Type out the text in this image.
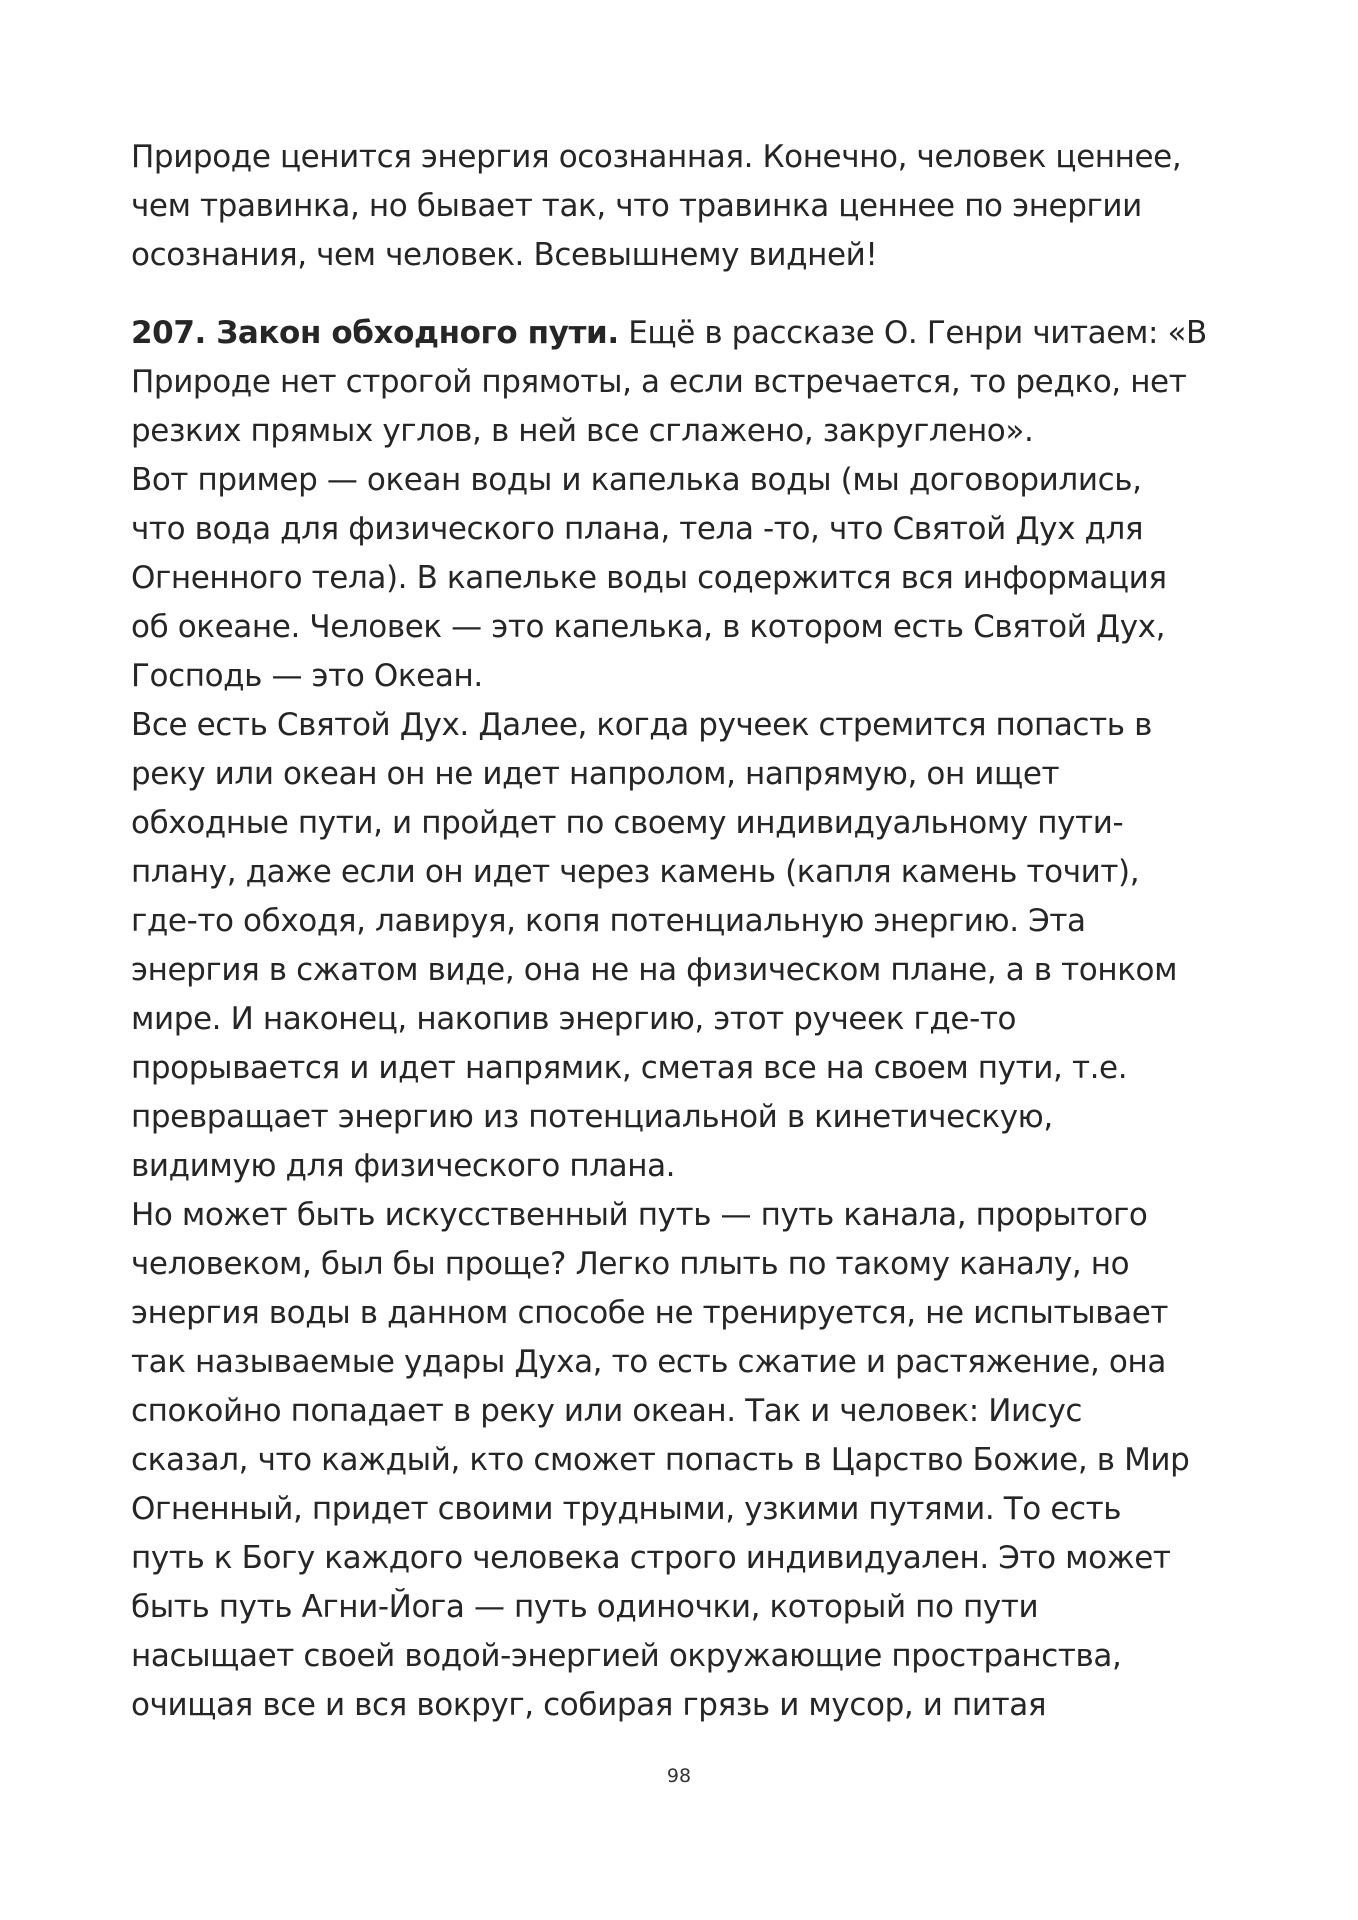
Природе ценится энергия осознанная. Конечно, человек ценнее,
чем травинка, но бывает так, что травинка ценнее по энергии
осознания, чем человек. Всевышнему видней!
207. Закон обходного пути. Ещё в рассказе О. Генри читаем: «В
Природе нет строгой прямоты, а если встречается, то редко, нет
резких прямых углов, в ней все сглажено, закруглено».
Вот пример — океан воды и капелька воды (мы договорились,
что вода для физического плана, тела -то, что Святой Дух для
Огненного тела). В капельке воды содержится вся информация
об океане. Человек — это капелька, в котором есть Святой Дух,
Господь — это Океан.
Все есть Святой Дух. Далее, когда ручеек стремится попасть в
реку или океан он не идет напролом, напрямую, он ищет
обходные пути, и пройдет по своему индивидуальному пути-
плану, даже если он идет через камень (капля камень точит),
где-то обходя, лавируя, копя потенциальную энергию. Эта
энергия в сжатом виде, она не на физическом плане, а в тонком
мире. И наконец, накопив энергию, этот ручеек где-то
прорывается и идет напрямик, сметая все на своем пути, т.е.
превращает энергию из потенциальной в кинетическую,
видимую для физического плана.
Но может быть искусственный путь — путь канала, прорытого
человеком, был бы проще? Легко плыть по такому каналу, но
энергия воды в данном способе не тренируется, не испытывает
так называемые удары Духа, то есть сжатие и растяжение, она
спокойно попадает в реку или океан. Так и человек: Иисус
сказал, что каждый, кто сможет попасть в Царство Божие, в Мир
Огненный, придет своими трудными, узкими путями. То есть
путь к Богу каждого человека строго индивидуален. Это может
быть путь Агни-Йога — путь одиночки, который по пути
насыщает своей водой-энергией окружающие пространства,
очищая все и вся вокруг, собирая грязь и мусор, и питая
98
